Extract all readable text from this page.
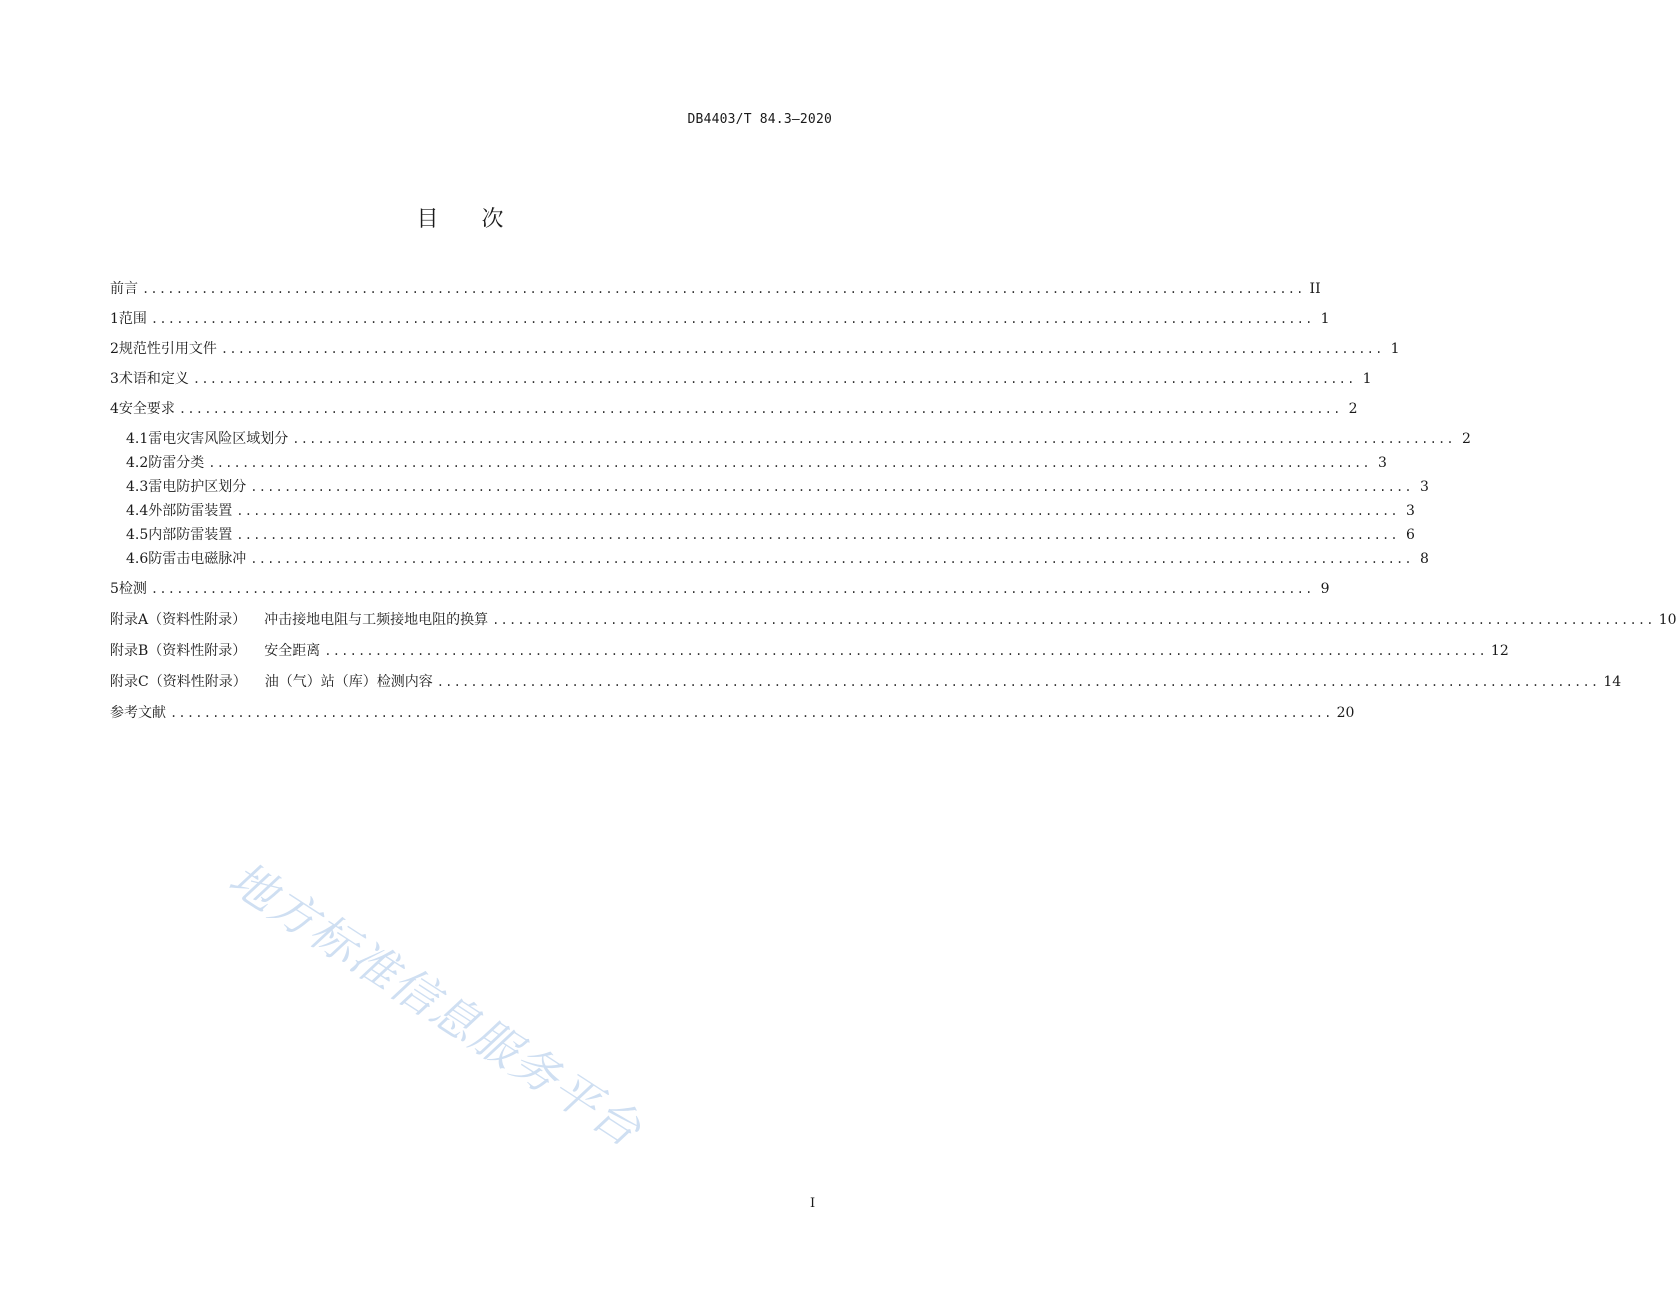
DB4403/T 84.3—2020
目 次
前言 .......................................................................................................................................... II
1 范围 .......................................................................................................................................... 1
2 规范性引用文件 .......................................................................................................................................... 1
3 术语和定义 .......................................................................................................................................... 1
4 安全要求 .......................................................................................................................................... 2
4.1 雷电灾害风险区域划分 .......................................................................................................................................... 2
4.2 防雷分类 .......................................................................................................................................... 3
4.3 雷电防护区划分 .......................................................................................................................................... 3
4.4 外部防雷装置 .......................................................................................................................................... 3
4.5 内部防雷装置 .......................................................................................................................................... 6
4.6 防雷击电磁脉冲 .......................................................................................................................................... 8
5 检测 .......................................................................................................................................... 9
附录A（资料性附录） 冲击接地电阻与工频接地电阻的换算 .......................................................................................................................................... 10
附录B（资料性附录） 安全距离 .......................................................................................................................................... 12
附录C（资料性附录） 油（气）站（库）检测内容 .......................................................................................................................................... 14
参考文献 .......................................................................................................................................... 20
地方标准信息服务平台
I
